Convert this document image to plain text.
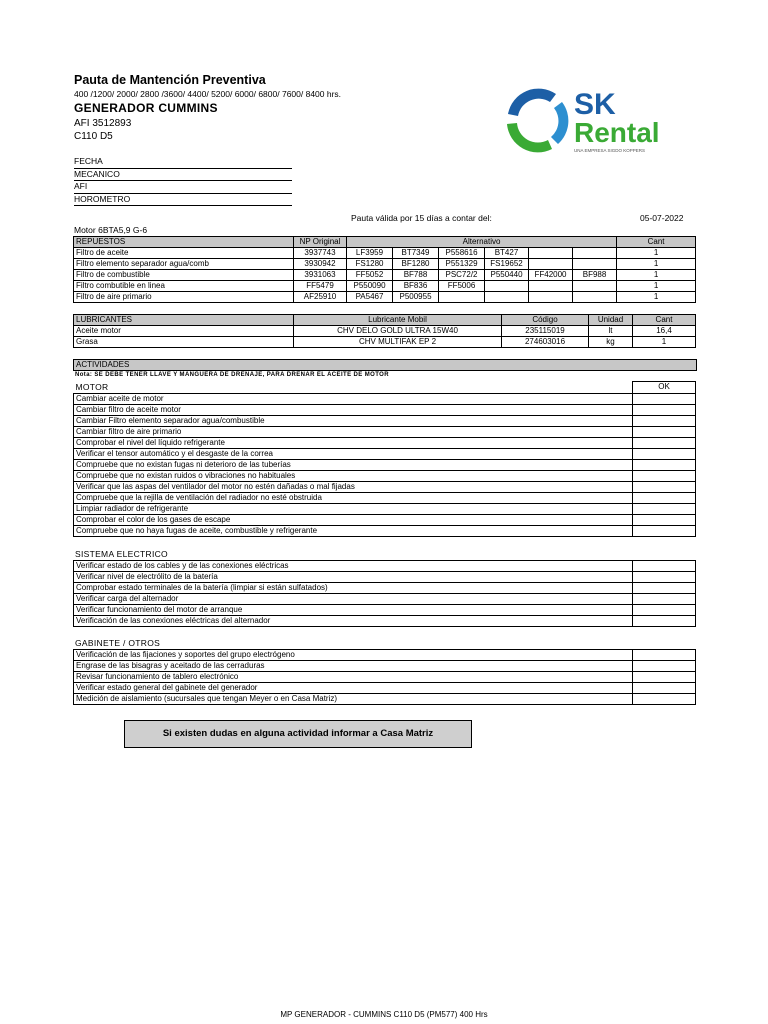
Pauta de Mantención Preventiva
400 /1200/ 2000/ 2800 /3600/ 4400/ 5200/ 6000/ 6800/ 7600/ 8400 hrs.
GENERADOR CUMMINS
AFI 3512893
C110 D5
SK
Rental
UNA EMPRESA SIGDO KOPPERS
FECHA
MECANICO
AFI
HOROMETRO
Pauta válida por 15 días a contar del:	05-07-2022
Motor 6BTA5,9 G-6
REPUESTOS	NP Original	Alternativo						Cant
Filtro de aceite	3937743	LF3959	BT7349	P558616	BT427			1
Filtro elemento separador agua/comb	3930942	FS1280	BF1280	P551329	FS19652			1
Filtro de combustible	3931063	FF5052	BF788	PSC72/2	P550440	FF42000	BF988	1
Filtro combutible en linea	FF5479	P550090	BF836	FF5006				1
Filtro de aire primario	AF25910	PA5467	P500955					1
LUBRICANTES	Lubricante Mobil	Código	Unidad	Cant
Aceite motor	CHV DELO GOLD ULTRA 15W40	235115019	lt	16,4
Grasa	CHV MULTIFAK EP 2	274603016	kg	1
ACTIVIDADES
Nota: SE DEBE TENER LLAVE Y MANGUERA DE DRENAJE, PARA DRENAR EL ACEITE DE MOTOR
MOTOR	OK
Cambiar aceite de motor	
Cambiar filtro de aceite motor	
Cambiar Filtro elemento separador agua/combustible	
Cambiar filtro de aire primario	
Comprobar el nivel del líquido refrigerante	
Verificar el tensor automático y el desgaste de la correa	
Compruebe que no existan fugas ni deterioro de las tuberías	
Compruebe que no existan ruidos o vibraciones no habituales	
Verificar que las aspas del ventilador del motor no estén dañadas o mal fijadas	
Compruebe que la rejilla de ventilación del radiador no esté obstruida	
Limpiar radiador de refrigerante	
Comprobar el color de los gases de escape	
Compruebe que no haya fugas de aceite, combustible y refrigerante	
SISTEMA ELECTRICO
Verificar estado de los cables y de las conexiones eléctricas	
Verificar nivel de electrólito de la batería	
Comprobar estado terminales de la batería (limpiar si están sulfatados)	
Verificar carga del alternador	
Verificar funcionamiento del motor de arranque	
Verificación de las conexiones eléctricas del alternador	
GABINETE / OTROS
Verificación de las fijaciones y soportes del grupo electrógeno	
Engrase de las bisagras y aceitado de las cerraduras	
Revisar funcionamiento de tablero electrónico	
Verificar estado general del gabinete del generador	
Medición de aislamiento (sucursales que tengan Meyer o en Casa Matriz)	
Si existen dudas en alguna actividad informar a Casa Matriz
MP GENERADOR - CUMMINS C110 D5 (PM577) 400 Hrs
